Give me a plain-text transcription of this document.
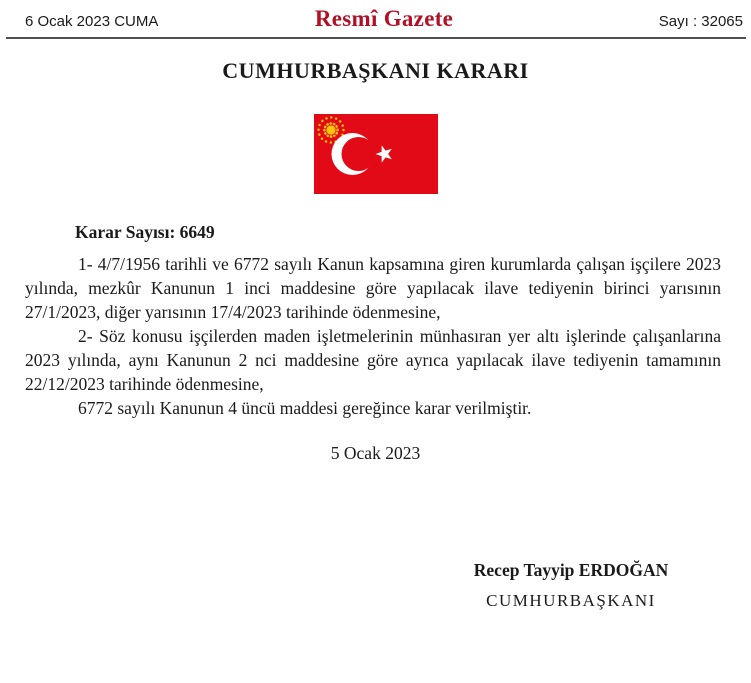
6 Ocak 2023 CUMA	Resmî Gazete	Sayı : 32065
CUMHURBAŞKANI KARARI

Karar Sayısı: 6649

1- 4/7/1956 tarihli ve 6772 sayılı Kanun kapsamına giren kurumlarda çalışan işçilere 2023 yılında, mezkûr Kanunun 1 inci maddesine göre yapılacak ilave tediyenin birinci yarısının 27/1/2023, diğer yarısının 17/4/2023 tarihinde ödenmesine,

2- Söz konusu işçilerden maden işletmelerinin münhasıran yer altı işlerinde çalışanlarına 2023 yılında, aynı Kanunun 2 nci maddesine göre ayrıca yapılacak ilave tediyenin tamamının 22/12/2023 tarihinde ödenmesine,

6772 sayılı Kanunun 4 üncü maddesi gereğince karar verilmiştir.

5 Ocak 2023

Recep Tayyip ERDOĞAN

CUMHURBAŞKANI
